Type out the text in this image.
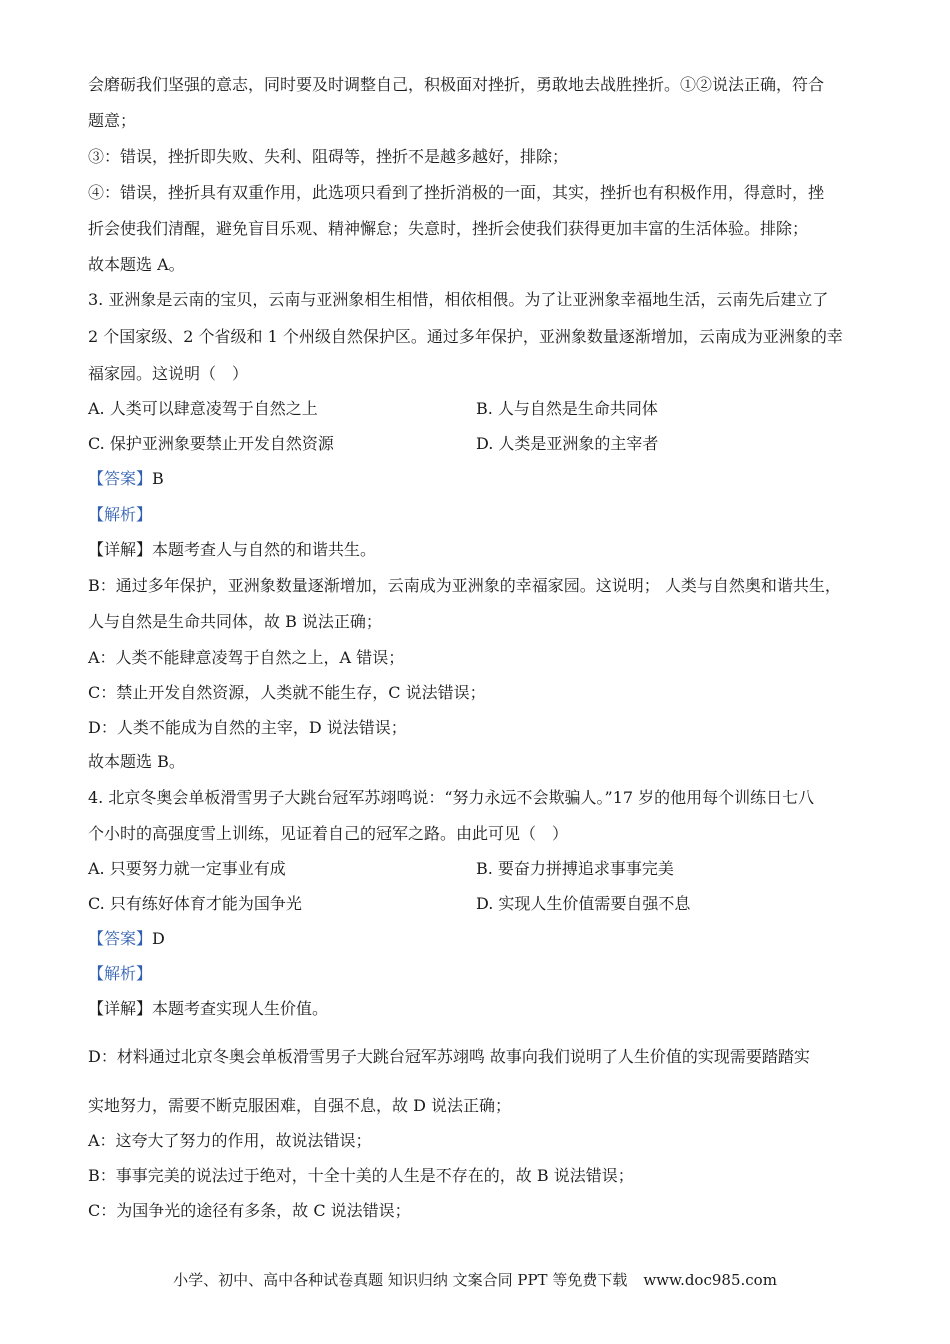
会磨砺我们坚强的意志，同时要及时调整自己，积极面对挫折，勇敢地去战胜挫折。①②说法正确，符合
题意；
③：错误，挫折即失败、失利、阻碍等，挫折不是越多越好，排除；
④：错误，挫折具有双重作用，此选项只看到了挫折消极的一面，其实，挫折也有积极作用，得意时，挫
折会使我们清醒，避免盲目乐观、精神懈怠；失意时，挫折会使我们获得更加丰富的生活体验。排除；
故本题选 A。
3. 亚洲象是云南的宝贝，云南与亚洲象相生相惜，相依相偎。为了让亚洲象幸福地生活，云南先后建立了
2 个国家级、2 个省级和 1 个州级自然保护区。通过多年保护，亚洲象数量逐渐增加，云南成为亚洲象的幸
福家园。这说明（　）
A. 人类可以肆意凌驾于自然之上	B. 人与自然是生命共同体
C. 保护亚洲象要禁止开发自然资源	D. 人类是亚洲象的主宰者
【答案】B
【解析】
【详解】本题考查人与自然的和谐共生。
B：通过多年保护，亚洲象数量逐渐增加，云南成为亚洲象的幸福家园。这说明； 人类与自然奥和谐共生，
人与自然是生命共同体，故 B 说法正确；
A：人类不能肆意凌驾于自然之上，A 错误；
C：禁止开发自然资源，人类就不能生存，C 说法错误；
D：人类不能成为自然的主宰，D 说法错误；
故本题选 B。
4. 北京冬奥会单板滑雪男子大跳台冠军苏翊鸣说：“努力永远不会欺骗人。”17 岁的他用每个训练日七八
个小时的高强度雪上训练，见证着自己的冠军之路。由此可见（　）
A. 只要努力就一定事业有成	B. 要奋力拼搏追求事事完美
C. 只有练好体育才能为国争光	D. 实现人生价值需要自强不息
【答案】D
【解析】
【详解】本题考查实现人生价值。
D：材料通过北京冬奥会单板滑雪男子大跳台冠军苏翊鸣 故事向我们说明了人生价值的实现需要踏踏实
实地努力，需要不断克服困难，自强不息，故 D 说法正确；
A：这夸大了努力的作用，故说法错误；
B：事事完美的说法过于绝对，十全十美的人生是不存在的，故 B 说法错误；
C：为国争光的途径有多条，故 C 说法错误；
小学、初中、高中各种试卷真题 知识归纳 文案合同 PPT 等免费下载 www.doc985.com
